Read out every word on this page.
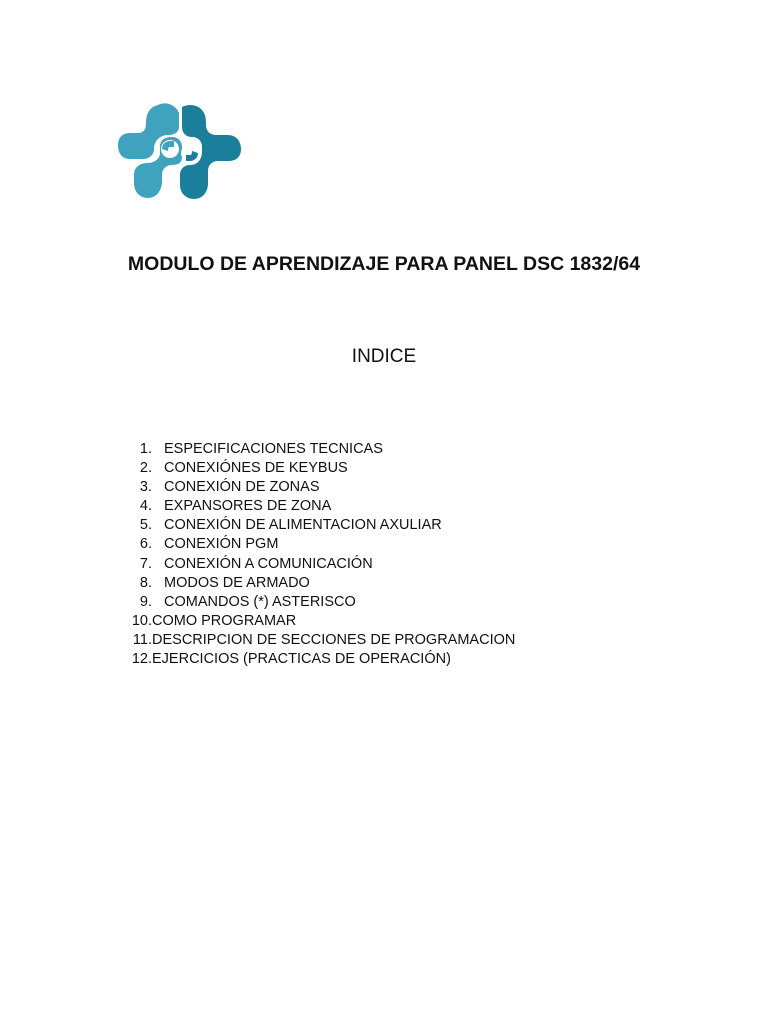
MODULO DE APRENDIZAJE PARA PANEL DSC 1832/64
INDICE
1. ESPECIFICACIONES TECNICAS
2. CONEXIÓNES DE KEYBUS
3. CONEXIÓN DE ZONAS
4. EXPANSORES DE ZONA
5. CONEXIÓN DE ALIMENTACION AXULIAR
6. CONEXIÓN PGM
7. CONEXIÓN A COMUNICACIÓN
8. MODOS DE ARMADO
9. COMANDOS (*) ASTERISCO
10. COMO PROGRAMAR
11. DESCRIPCION DE SECCIONES DE PROGRAMACION
12. EJERCICIOS (PRACTICAS DE OPERACIÓN)
